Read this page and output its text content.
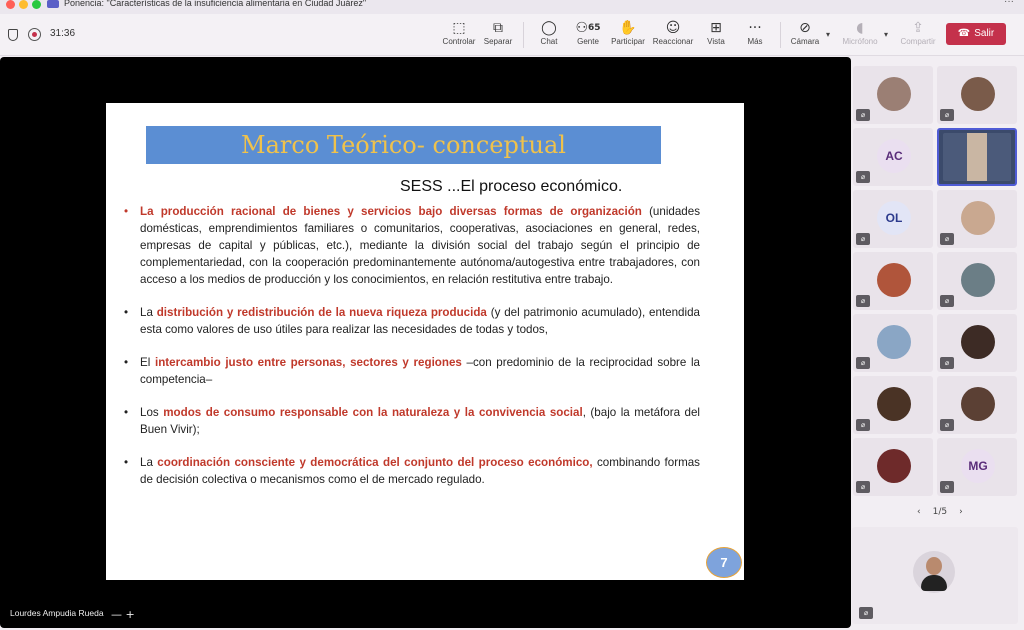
Ponencia: "Características de la insuficiencia alimentaria en Ciudad Juárez"	···
31:36	⬚
Controlar
⧉
Separar
◯
Chat
⚇$^{65}$
Gente
✋
Participar
☺
Reaccionar
⊞
Vista
···
Más
⊘
Cámara
▾	◖
Micrófono
▾	⇪
Compartir
☎ Salir
Marco Teórico- conceptual
SESS ...El proceso económico.
• La producción racional de bienes y servicios bajo diversas formas de organización (unidades domésticas, emprendimientos familiares o comunitarios, cooperativas, asociaciones en general, redes, empresas de capital y públicas, etc.), mediante la división social del trabajo según el principio de complementariedad, con la cooperación predominantemente autónoma/autogestiva entre trabajadores, con acceso a los medios de producción y los conocimientos, en relación restitutiva entre trabajo.
• La distribución y redistribución de la nueva riqueza producida (y del patrimonio acumulado), entendida esta como valores de uso útiles para realizar las necesidades de todas y todos,
• El intercambio justo entre personas, sectores y regiones –con predominio de la reciprocidad sobre la competencia–
• Los modos de consumo responsable con la naturaleza y la convivencia social, (bajo la metáfora del Buen Vivir);
• La coordinación consciente y democrática del conjunto del proceso económico, combinando formas de decisión colectiva o mecanismos como el de mercado regulado.
7
Lourdes Ampudia Rueda — +
⌀	⌀
AC
⌀
OL
⌀	⌀
⌀	⌀
⌀	⌀
⌀	⌀
⌀
MG
⌀
‹ 1/5 ›
⌀
